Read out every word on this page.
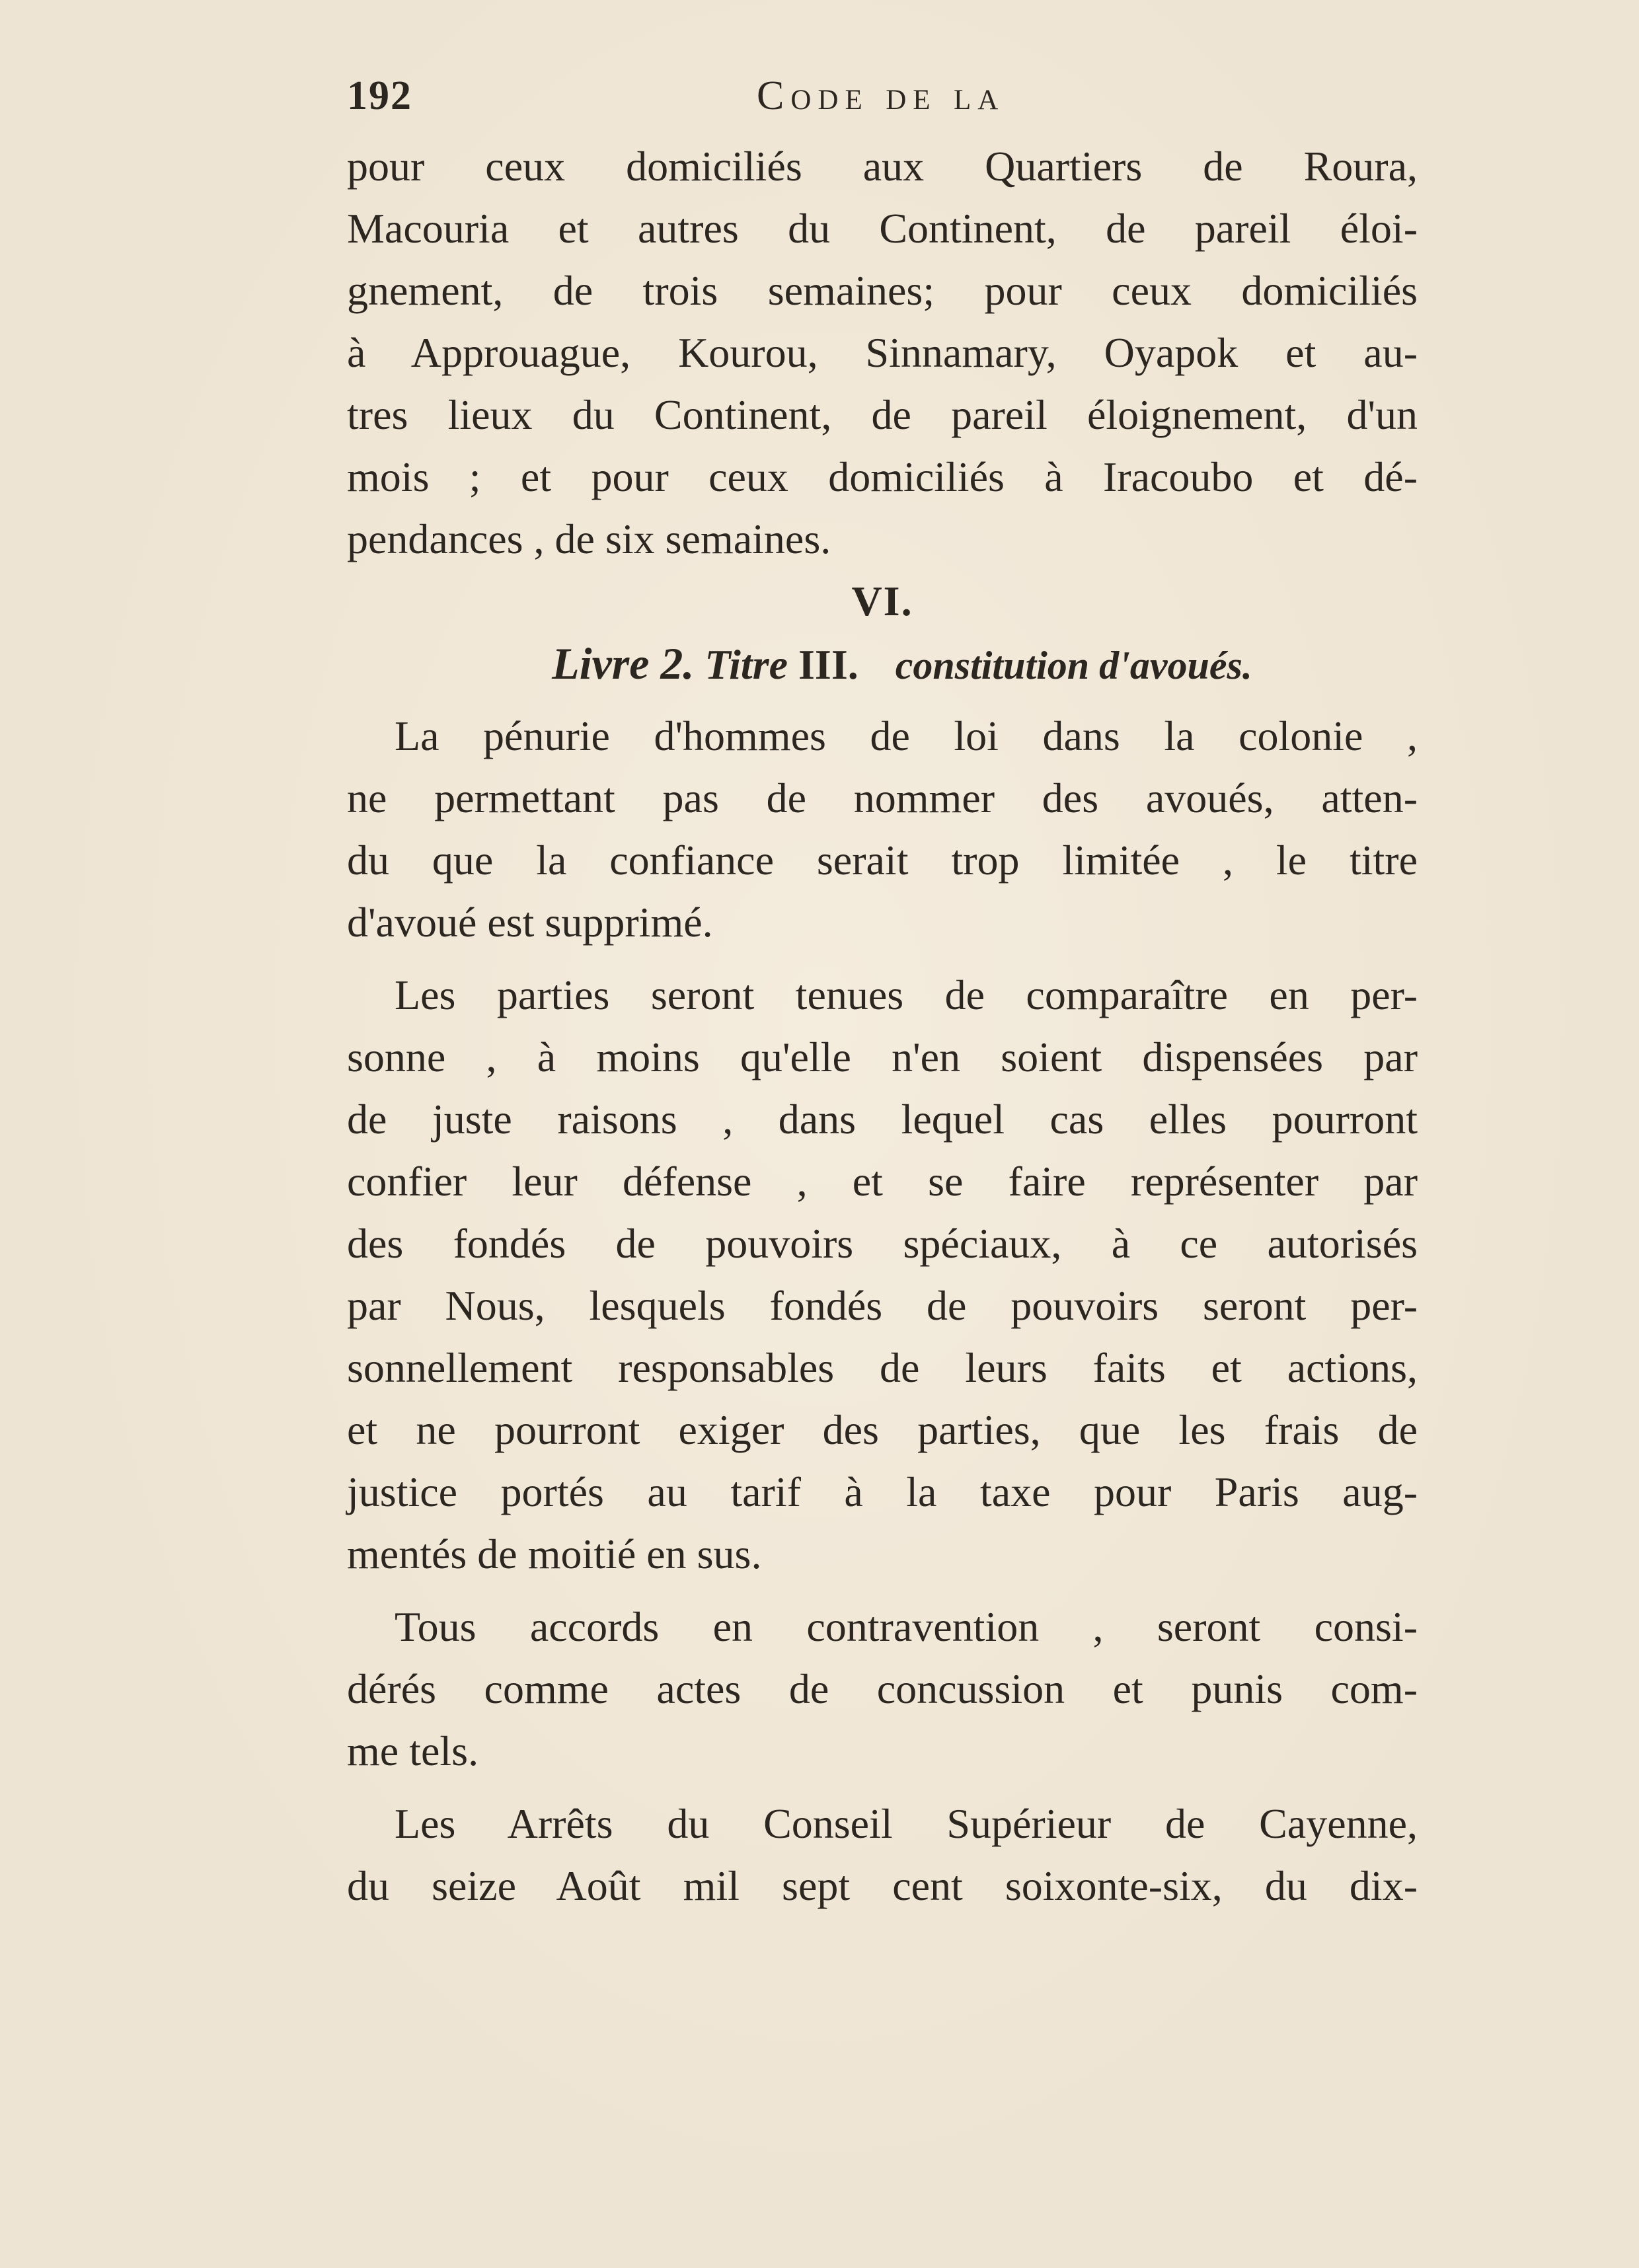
192	Code de la
pour ceux domiciliés aux Quartiers de Roura,
Macouria et autres du Continent, de pareil éloi-
gnement, de trois semaines; pour ceux domiciliés
à Approuague, Kourou, Sinnamary, Oyapok et au-
tres lieux du Continent, de pareil éloignement, d'un
mois ; et pour ceux domiciliés à Iracoubo et dé-
pendances , de six semaines.
VI.
Livre 2. Titre III. constitution d'avoués.
La pénurie d'hommes de loi dans la colonie ,
ne permettant pas de nommer des avoués, atten-
du que la confiance serait trop limitée , le titre
d'avoué est supprimé.
Les parties seront tenues de comparaître en per-
sonne , à moins qu'elle n'en soient dispensées par
de juste raisons , dans lequel cas elles pourront
confier leur défense , et se faire représenter par
des fondés de pouvoirs spéciaux, à ce autorisés
par Nous, lesquels fondés de pouvoirs seront per-
sonnellement responsables de leurs faits et actions,
et ne pourront exiger des parties, que les frais de
justice portés au tarif à la taxe pour Paris aug-
mentés de moitié en sus.
Tous accords en contravention , seront consi-
dérés comme actes de concussion et punis com-
me tels.
Les Arrêts du Conseil Supérieur de Cayenne,
du seize Août mil sept cent soixonte-six, du dix-
